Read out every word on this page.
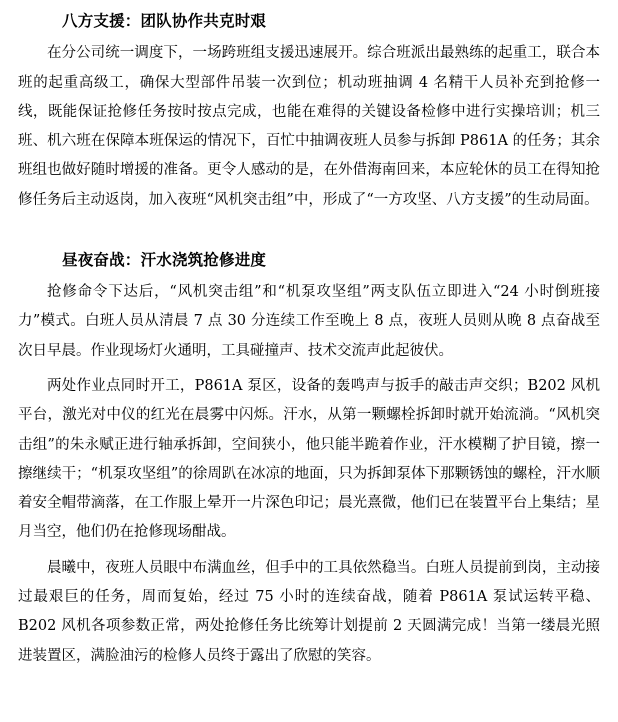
八方支援：团队协作共克时艰

在分公司统一调度下，一场跨班组支援迅速展开。综合班派出最熟练的起重工，联合本班的起重高级工，确保大型部件吊装一次到位；机动班抽调 4 名精干人员补充到抢修一线，既能保证抢修任务按时按点完成，也能在难得的关键设备检修中进行实操培训；机三班、机六班在保障本班保运的情况下，百忙中抽调夜班人员参与拆卸 P861A 的任务；其余班组也做好随时增援的准备。更令人感动的是，在外借海南回来，本应轮休的员工在得知抢修任务后主动返岗，加入夜班“风机突击组”中，形成了“一方攻坚、八方支援”的生动局面。

昼夜奋战：汗水浇筑抢修进度

抢修命令下达后，“风机突击组”和“机泵攻坚组”两支队伍立即进入“24 小时倒班接力”模式。白班人员从清晨 7 点 30 分连续工作至晚上 8 点，夜班人员则从晚 8 点奋战至次日早晨。作业现场灯火通明，工具碰撞声、技术交流声此起彼伏。

两处作业点同时开工，P861A 泵区，设备的轰鸣声与扳手的敲击声交织；B202 风机平台，激光对中仪的红光在晨雾中闪烁。汗水，从第一颗螺栓拆卸时就开始流淌。“风机突击组”的朱永赋正进行轴承拆卸，空间狭小，他只能半跪着作业，汗水模糊了护目镜，擦一擦继续干；“机泵攻坚组”的徐周趴在冰凉的地面，只为拆卸泵体下那颗锈蚀的螺栓，汗水顺着安全帽带滴落，在工作服上晕开一片深色印记；晨光熹微，他们已在装置平台上集结；星月当空，他们仍在抢修现场酣战。

晨曦中，夜班人员眼中布满血丝，但手中的工具依然稳当。白班人员提前到岗，主动接过最艰巨的任务，周而复始，经过 75 小时的连续奋战，随着 P861A 泵试运转平稳、B202 风机各项参数正常，两处抢修任务比统筹计划提前 2 天圆满完成！当第一缕晨光照进装置区，满脸油污的检修人员终于露出了欣慰的笑容。
